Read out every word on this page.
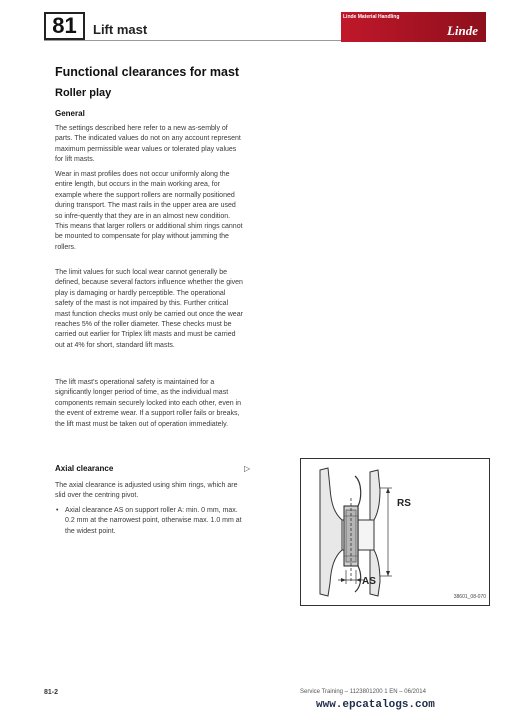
81	Lift mast
Linde Material Handling
Linde
Functional clearances for mast
Roller play
General

The settings described here refer to a new as-sembly of parts. The indicated values do not on any account represent maximum permissible wear values or tolerated play values for lift masts.

Wear in mast profiles does not occur uniformly along the entire length, but occurs in the main working area, for example where the support rollers are normally positioned during transport. The mast rails in the upper area are used so infre-quently that they are in an almost new condition. This means that larger rollers or additional shim rings cannot be mounted to compensate for play without jamming the rollers.

The limit values for such local wear cannot generally be defined, because several factors influence whether the given play is damaging or hardly perceptible. The operational safety of the mast is not impaired by this. Further critical mast function checks must only be carried out once the wear reaches 5% of the roller diameter. These checks must be carried out earlier for Triplex lift masts and must be carried out at 4% for short, standard lift masts.

The lift mast's operational safety is maintained for a significantly longer period of time, as the individual mast components remain securely locked into each other, even in the event of extreme wear. If a support roller fails or breaks, the lift mast must be taken out of operation immediately.

Axial clearance	▷

The axial clearance is adjusted using shim rings, which are slid over the centring pivot.

• Axial clearance AS on support roller A: min. 0 mm, max. 0.2 mm at the narrowest point, otherwise max. 1.0 mm at the widest point.
RS
AS
38601_08-070
81-2	Service Training – 1123801200 1 EN – 06/2014
www.epcatalogs.com
